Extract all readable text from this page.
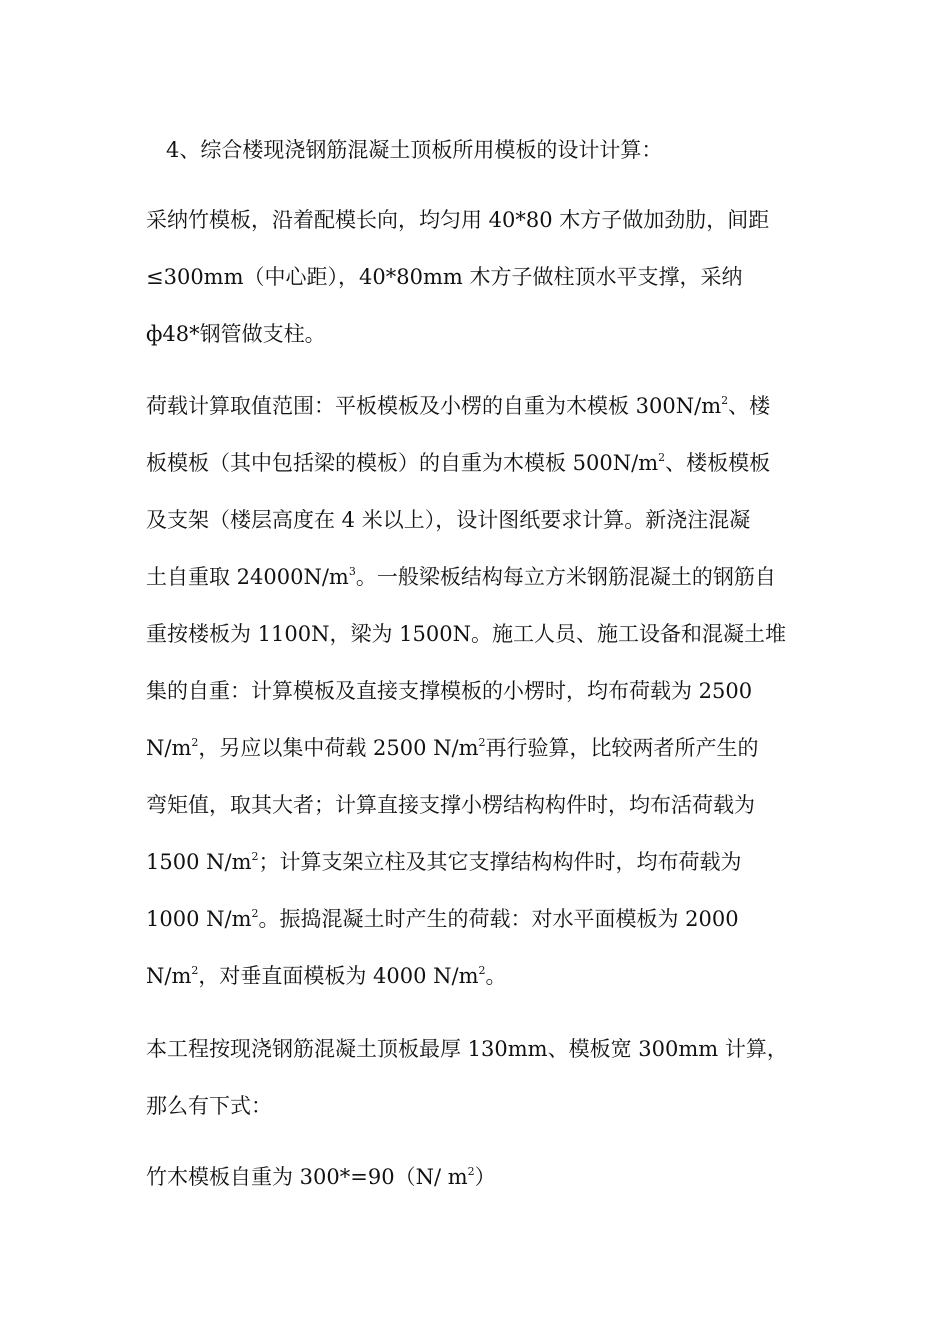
4、综合楼现浇钢筋混凝土顶板所用模板的设计计算：

采纳竹模板，沿着配模长向，均匀用 40*80 木方子做加劲肋，间距
≤300mm（中心距），40*80mm 木方子做柱顶水平支撑，采纳
ф48*钢管做支柱。

荷载计算取值范围：平板模板及小楞的自重为木模板 $300N/m^2$、楼
板模板（其中包括梁的模板）的自重为木模板 $500N/m^2$、楼板模板
及支架（楼层高度在 4 米以上），设计图纸要求计算。新浇注混凝
土自重取 $24000N/m^3$。一般梁板结构每立方米钢筋混凝土的钢筋自
重按楼板为 1100N，梁为 1500N。施工人员、施工设备和混凝土堆
集的自重：计算模板及直接支撑模板的小楞时，均布荷载为 2500
$N/m^2$，另应以集中荷载 2500 $N/m^2$再行验算，比较两者所产生的
弯矩值，取其大者；计算直接支撑小楞结构构件时，均布活荷载为
1500 $N/m^2$；计算支架立柱及其它支撑结构构件时，均布荷载为
1000 $N/m^2$。振捣混凝土时产生的荷载：对水平面模板为 2000
$N/m^2$，对垂直面模板为 4000 $N/m^2$。

本工程按现浇钢筋混凝土顶板最厚 130mm、模板宽 300mm 计算，
那么有下式：

竹木模板自重为 300*=90（N/ $m^2$）
